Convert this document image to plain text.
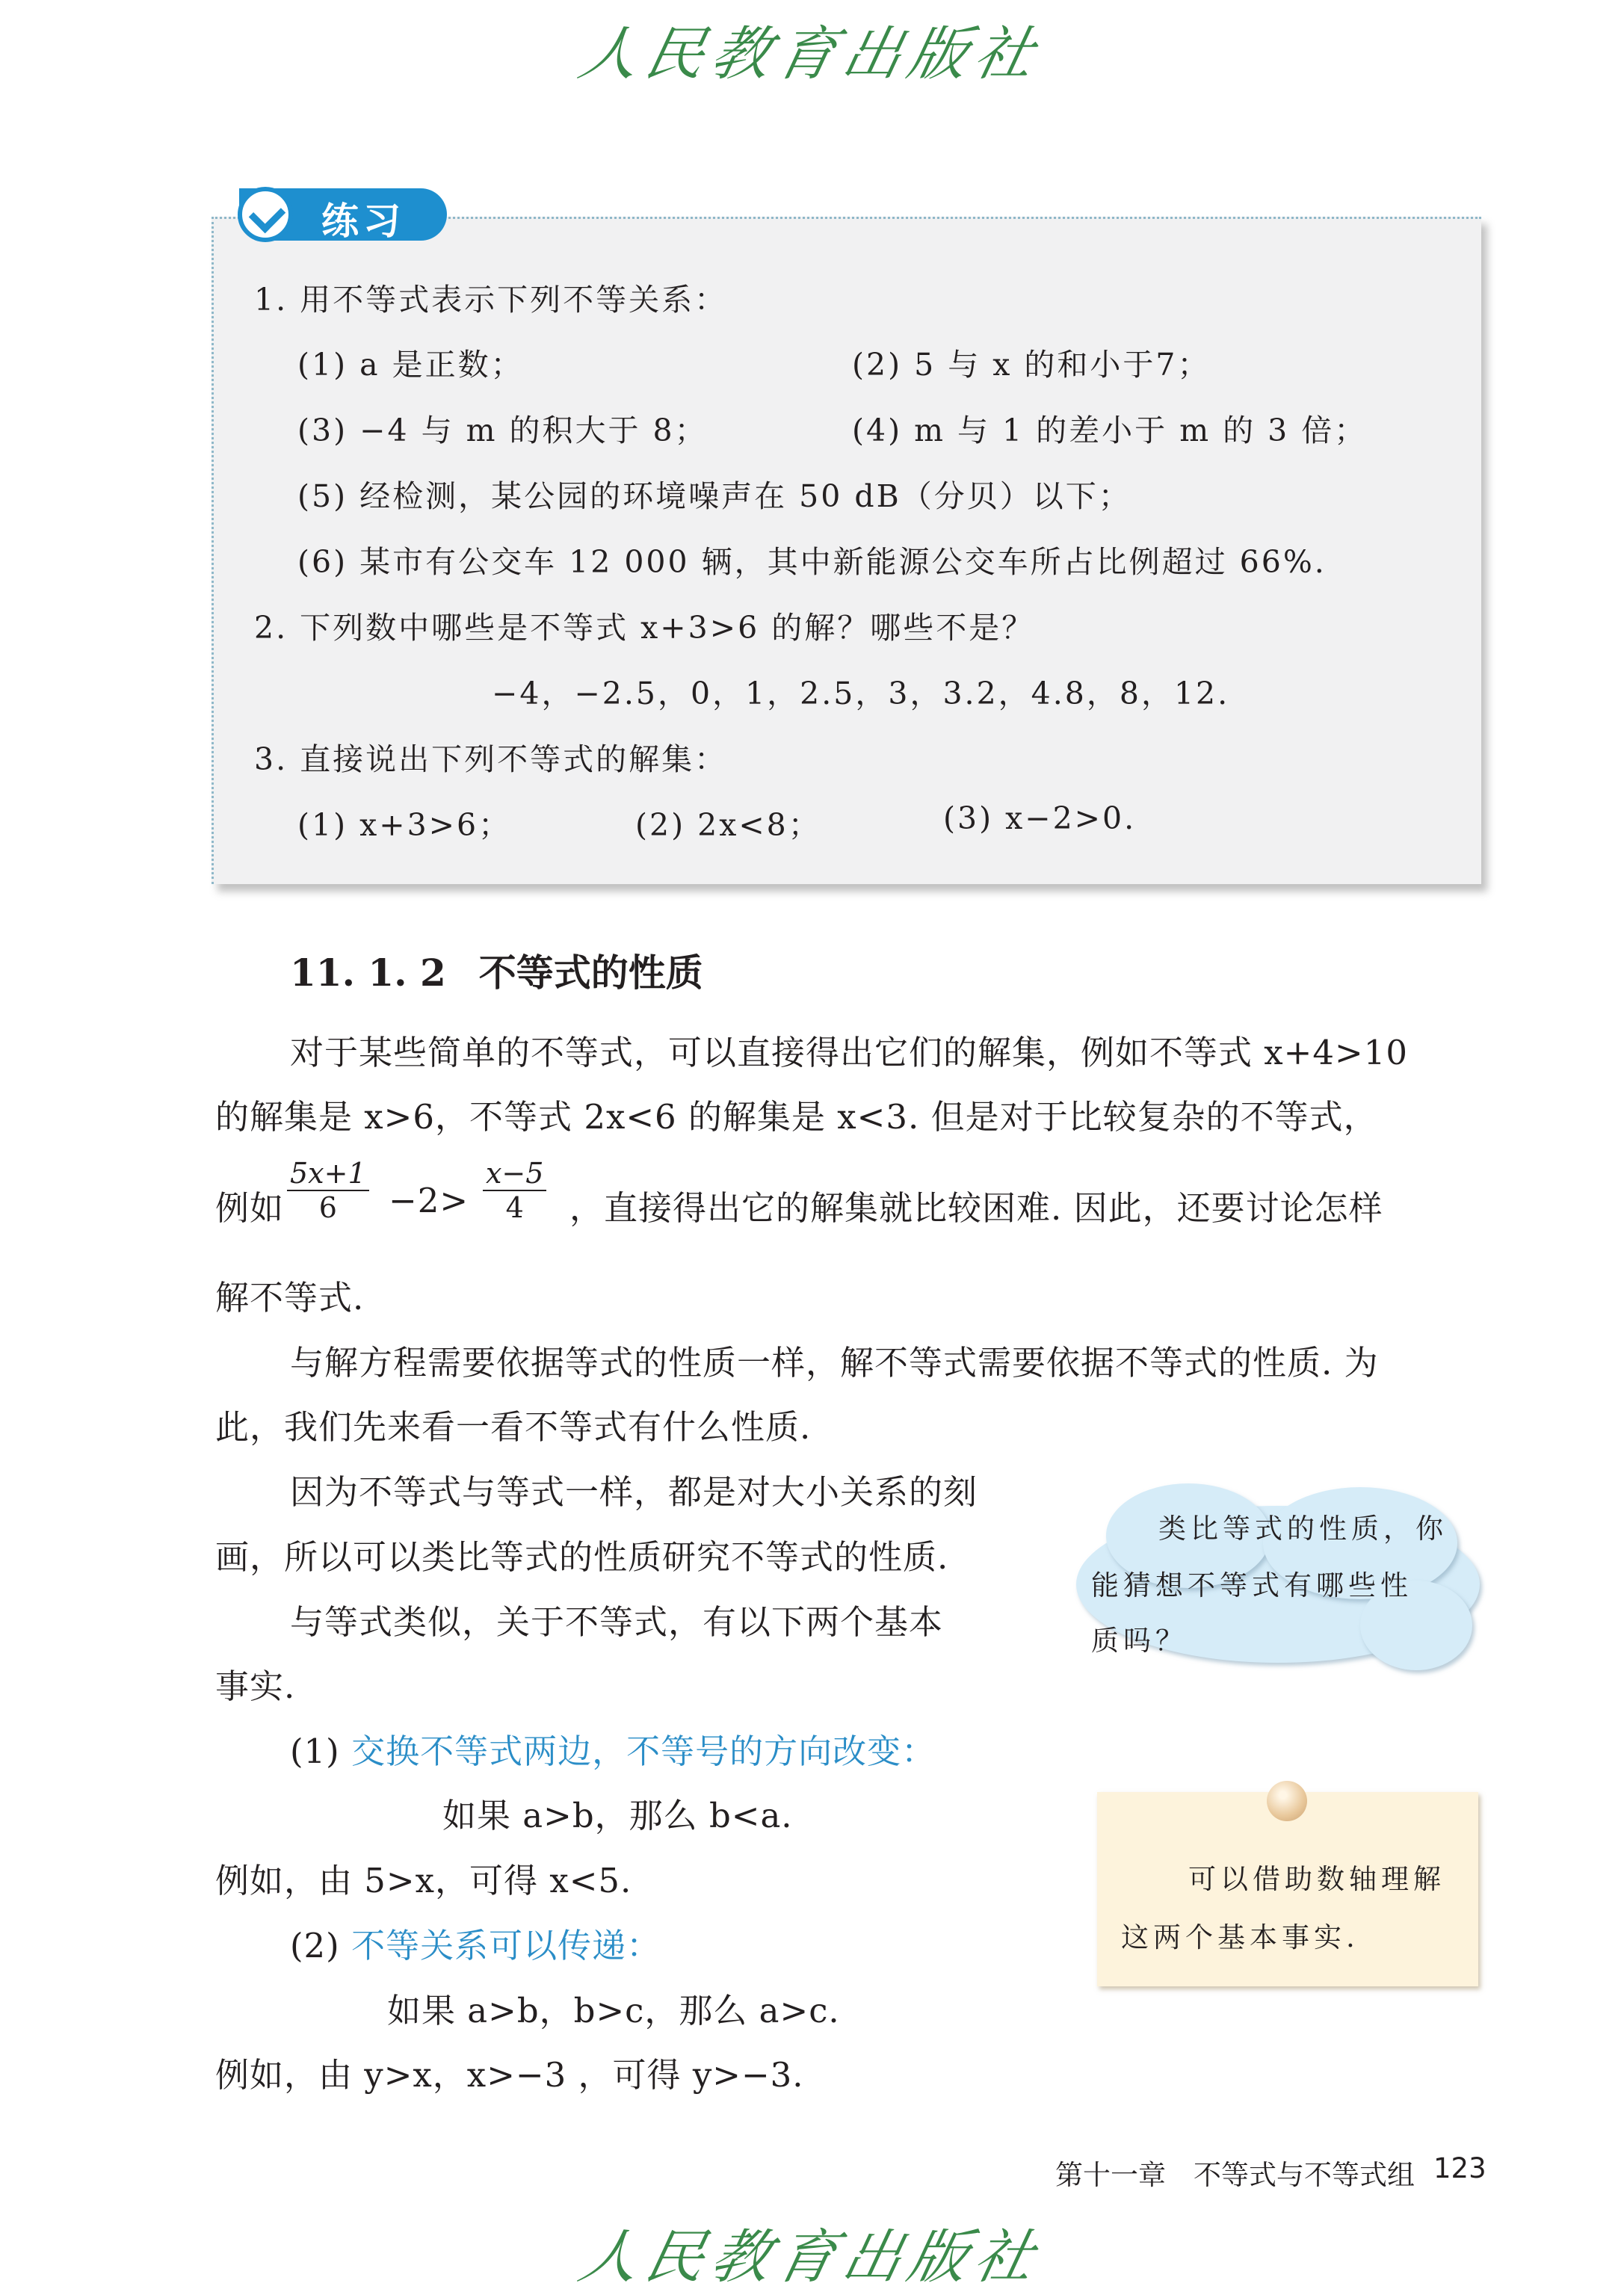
人民教育出版社
练习
1. 用不等式表示下列不等关系：
(1) a 是正数；	(2) 5 与 x 的和小于7；
(3) −4 与 m 的积大于 8；	(4) m 与 1 的差小于 m 的 3 倍；
(5) 经检测，某公园的环境噪声在 50 dB（分贝）以下；
(6) 某市有公交车 12 000 辆，其中新能源公交车所占比例超过 66%.
2. 下列数中哪些是不等式 x+3>6 的解？哪些不是？
−4，−2.5，0，1，2.5，3，3.2，4.8，8，12.
3. 直接说出下列不等式的解集：
(1) x+3>6；	(2) 2x<8；	(3) x−2>0.
11. 1. 2 不等式的性质
对于某些简单的不等式，可以直接得出它们的解集，例如不等式 x+4>10
的解集是 x>6，不等式 2x<6 的解集是 x<3. 但是对于比较复杂的不等式，
例如 $\frac{5x+1}{6} -2> \frac{x-5}{4}$ ，直接得出它的解集就比较困难. 因此，还要讨论怎样
解不等式.
与解方程需要依据等式的性质一样，解不等式需要依据不等式的性质. 为
此，我们先来看一看不等式有什么性质.
因为不等式与等式一样，都是对大小关系的刻
画，所以可以类比等式的性质研究不等式的性质.
与等式类似，关于不等式，有以下两个基本
事实.
(1) 交换不等式两边，不等号的方向改变：
如果 a>b，那么 b<a.
例如，由 5>x，可得 x<5.
(2) 不等关系可以传递：
如果 a>b，b>c，那么 a>c.
例如，由 y>x，x>−3 ，可得 y>−3.
类比等式的性质，你
能猜想不等式有哪些性
质吗？
可以借助数轴理解
这两个基本事实.
第十一章　不等式与不等式组 123
人民教育出版社
